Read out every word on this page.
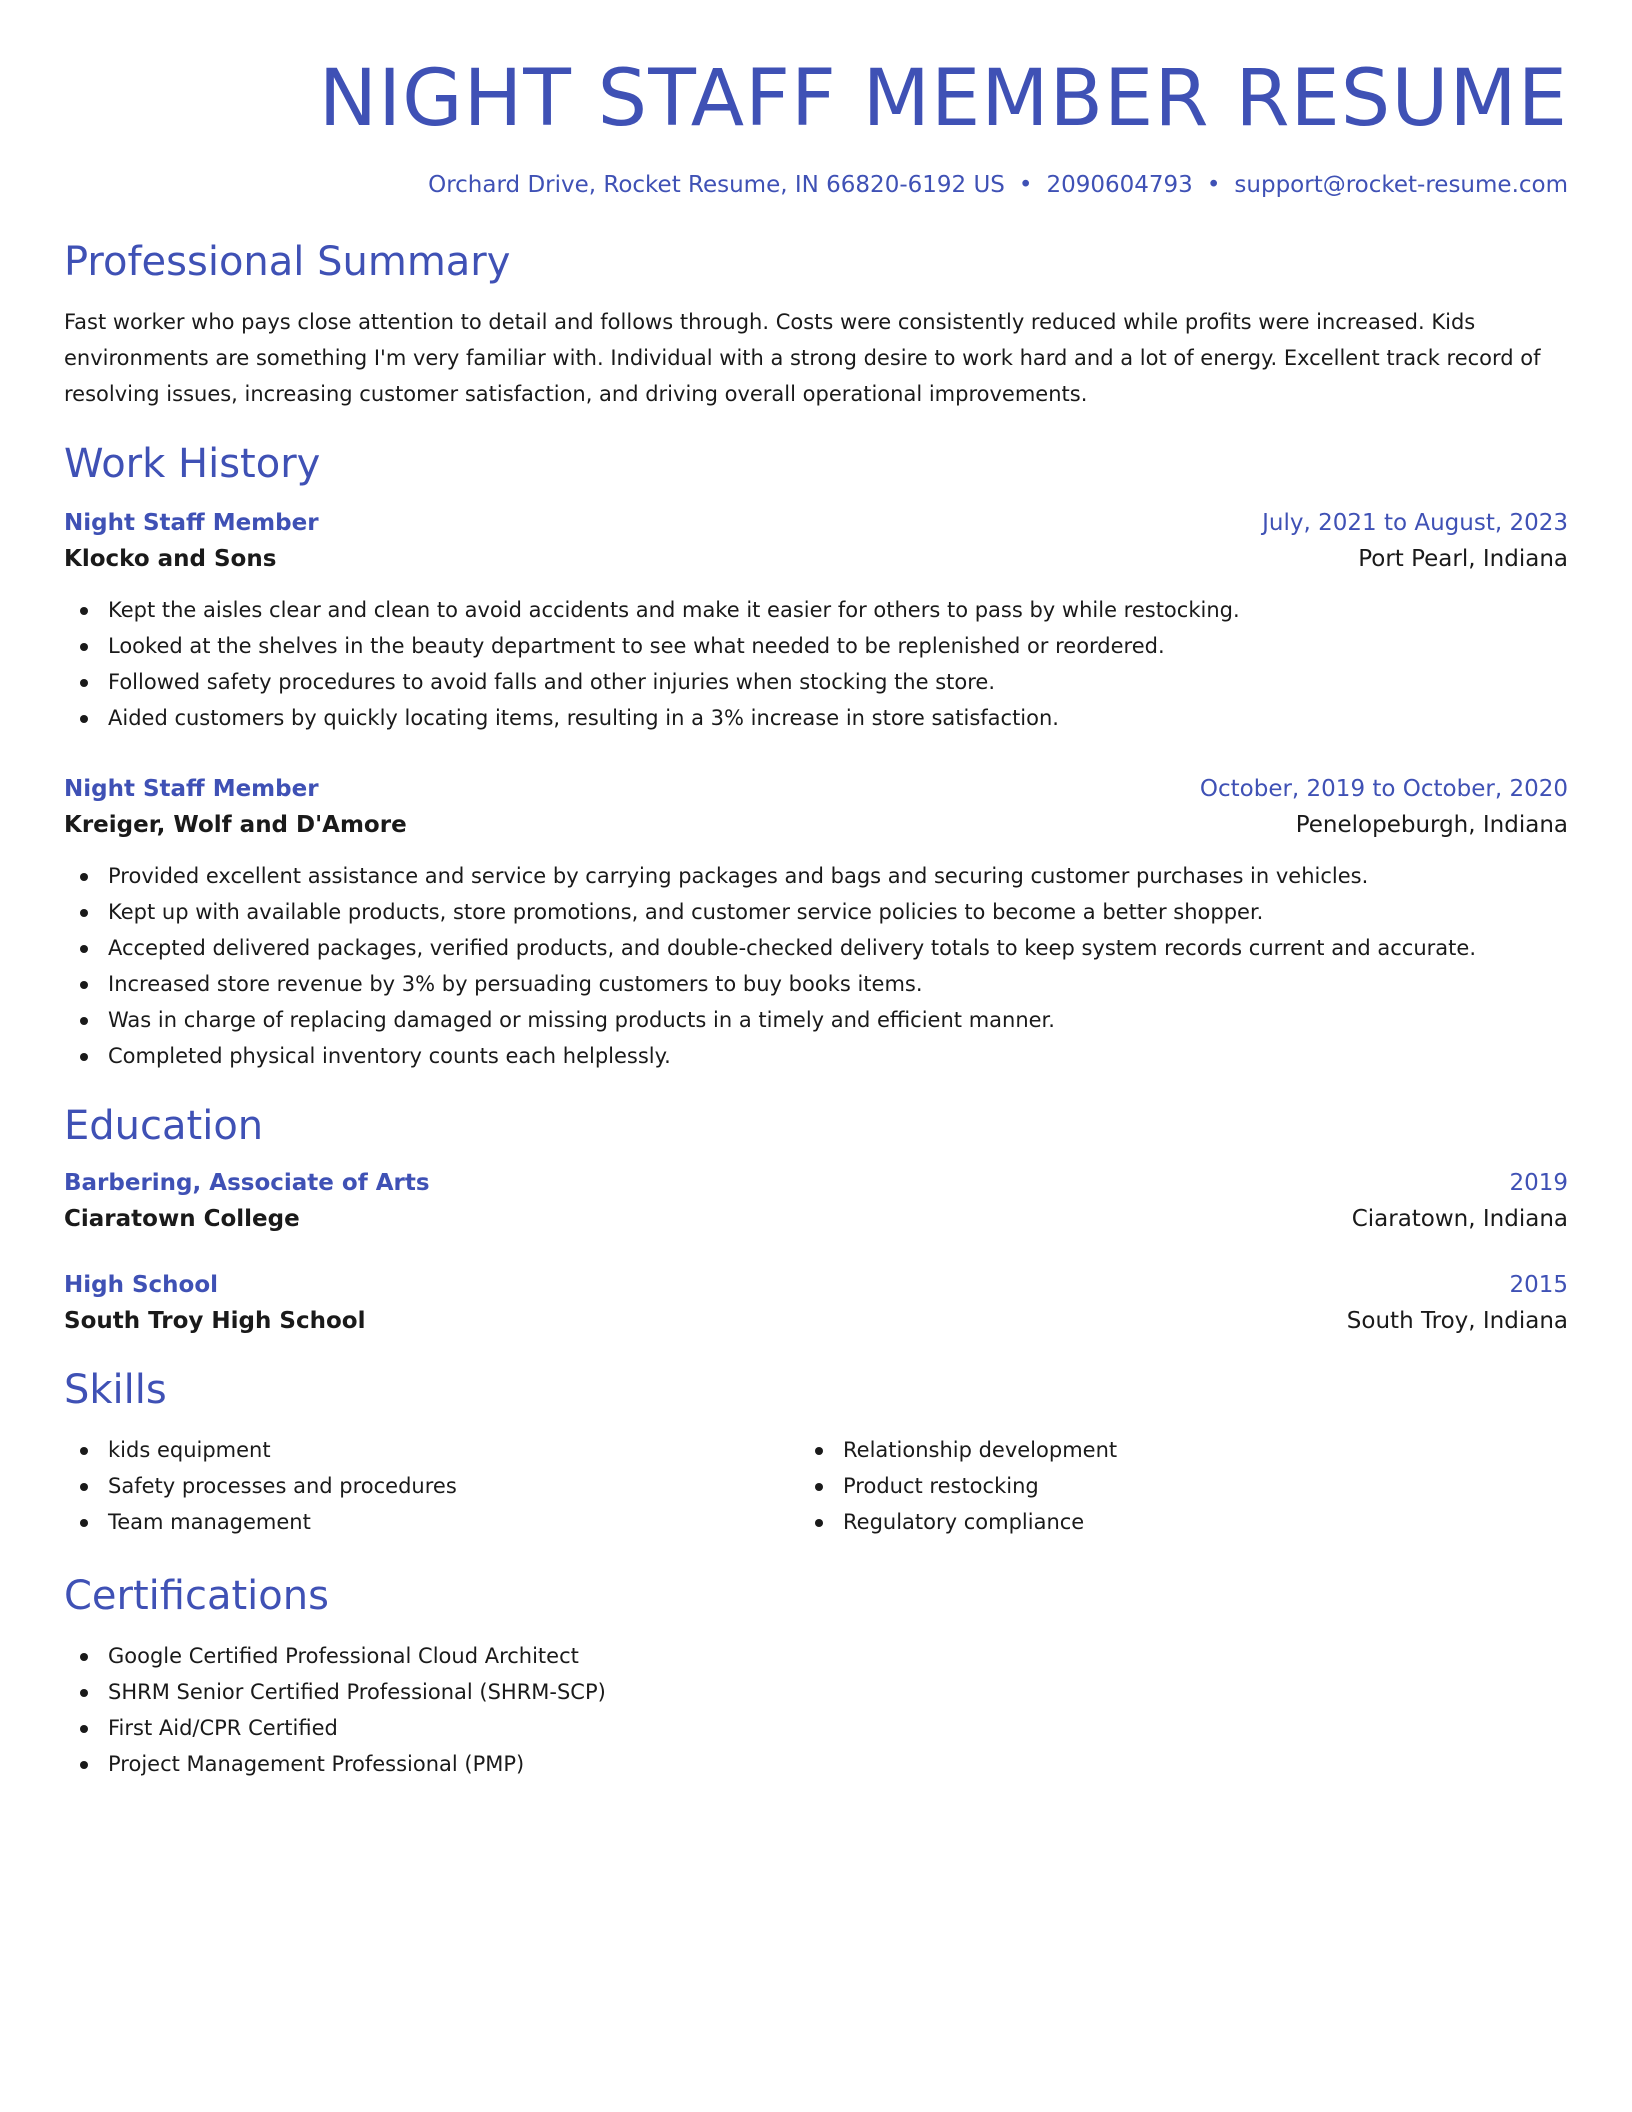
NIGHT STAFF MEMBER RESUME
Orchard Drive, Rocket Resume, IN 66820-6192 US • 2090604793 • support@rocket-resume.com
Professional Summary

Fast worker who pays close attention to detail and follows through. Costs were consistently reduced while profits were increased. Kids environments are something I'm very familiar with. Individual with a strong desire to work hard and a lot of energy. Excellent track record of resolving issues, increasing customer satisfaction, and driving overall operational improvements.

Work History
Night Staff Member	July, 2021 to August, 2023
Klocko and Sons	Port Pearl, Indiana
Kept the aisles clear and clean to avoid accidents and make it easier for others to pass by while restocking.
Looked at the shelves in the beauty department to see what needed to be replenished or reordered.
Followed safety procedures to avoid falls and other injuries when stocking the store.
Aided customers by quickly locating items, resulting in a 3% increase in store satisfaction.
Night Staff Member	October, 2019 to October, 2020
Kreiger, Wolf and D'Amore	Penelopeburgh, Indiana
Provided excellent assistance and service by carrying packages and bags and securing customer purchases in vehicles.
Kept up with available products, store promotions, and customer service policies to become a better shopper.
Accepted delivered packages, verified products, and double-checked delivery totals to keep system records current and accurate.
Increased store revenue by 3% by persuading customers to buy books items.
Was in charge of replacing damaged or missing products in a timely and efficient manner.
Completed physical inventory counts each helplessly.
Education
Barbering, Associate of Arts	2019
Ciaratown College	Ciaratown, Indiana
High School	2015
South Troy High School	South Troy, Indiana
Skills
kids equipment
Safety processes and procedures
Team management
Relationship development
Product restocking
Regulatory compliance
Certifications
Google Certified Professional Cloud Architect
SHRM Senior Certified Professional (SHRM-SCP)
First Aid/CPR Certified
Project Management Professional (PMP)
